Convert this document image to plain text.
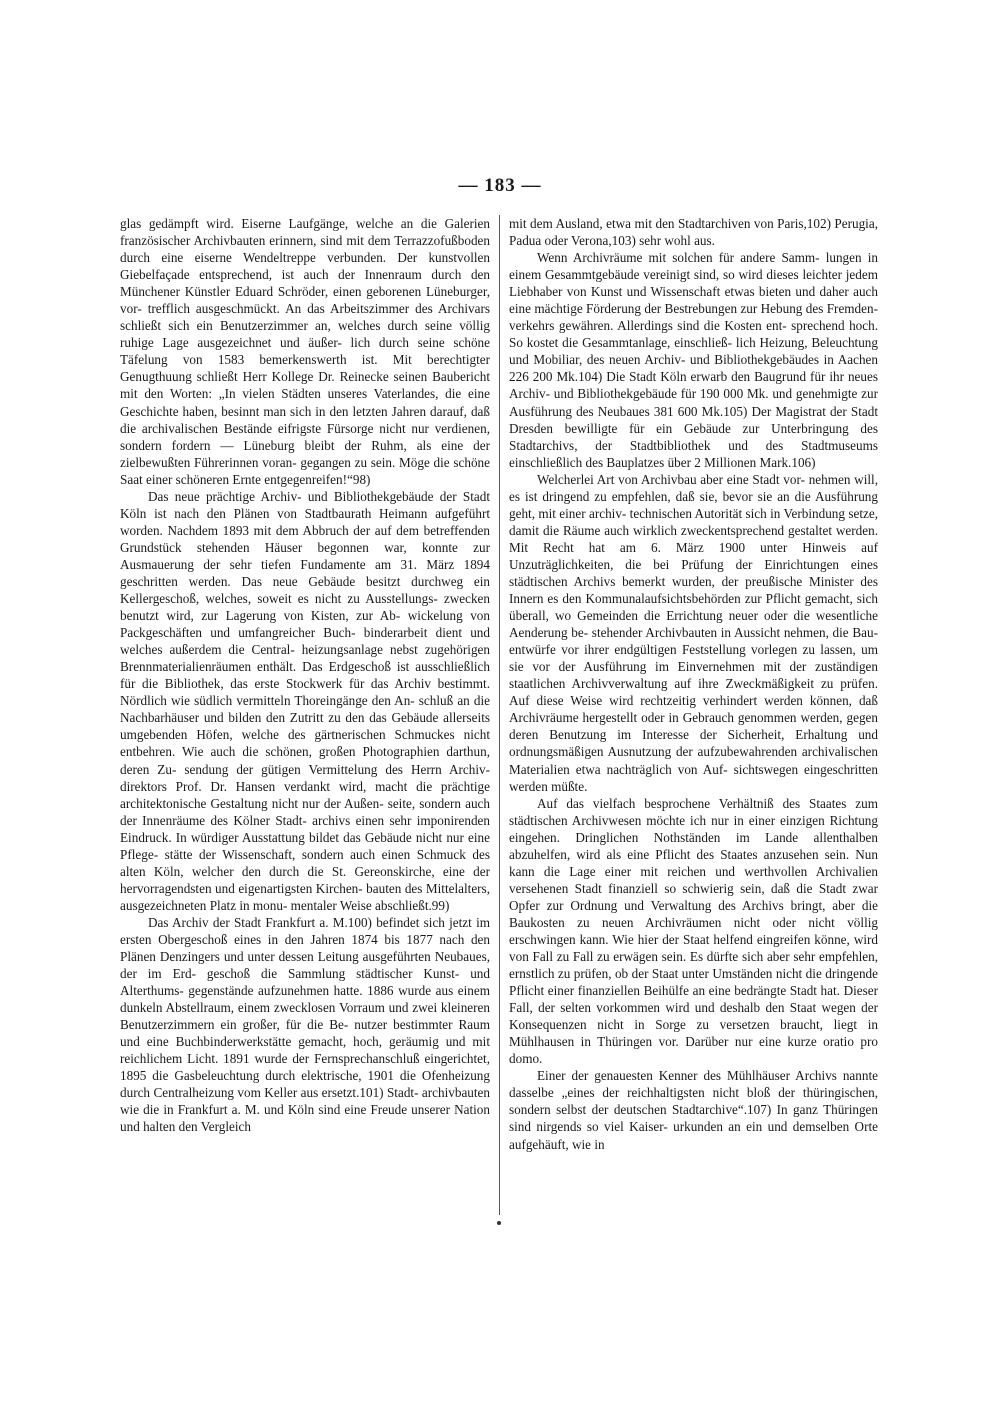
— 183 —

glas gedämpft wird. Eiserne Laufgänge, welche an die Galerien französischer Archivbauten erinnern, sind mit dem Terrazzofußboden durch eine eiserne Wendeltreppe verbunden. Der kunstvollen Giebelfaçade entsprechend, ist auch der Innenraum durch den Münchener Künstler Eduard Schröder, einen geborenen Lüneburger, vor- trefflich ausgeschmückt. An das Arbeitszimmer des Archivars schließt sich ein Benutzerzimmer an, welches durch seine völlig ruhige Lage ausgezeichnet und äußer- lich durch seine schöne Täfelung von 1583 bemerkenswerth ist. Mit berechtigter Genugthuung schließt Herr Kollege Dr. Reinecke seinen Baubericht mit den Worten: „In vielen Städten unseres Vaterlandes, die eine Geschichte haben, besinnt man sich in den letzten Jahren darauf, daß die archivalischen Bestände eifrigste Fürsorge nicht nur verdienen, sondern fordern — Lüneburg bleibt der Ruhm, als eine der zielbewußten Führerinnen voran- gegangen zu sein. Möge die schöne Saat einer schöneren Ernte entgegenreifen!“98)

Das neue prächtige Archiv- und Bibliothekgebäude der Stadt Köln ist nach den Plänen von Stadtbaurath Heimann aufgeführt worden. Nachdem 1893 mit dem Abbruch der auf dem betreffenden Grundstück stehenden Häuser begonnen war, konnte zur Ausmauerung der sehr tiefen Fundamente am 31. März 1894 geschritten werden. Das neue Gebäude besitzt durchweg ein Kellergeschoß, welches, soweit es nicht zu Ausstellungs- zwecken benutzt wird, zur Lagerung von Kisten, zur Ab- wickelung von Packgeschäften und umfangreicher Buch- binderarbeit dient und welches außerdem die Central- heizungsanlage nebst zugehörigen Brennmaterialienräumen enthält. Das Erdgeschoß ist ausschließlich für die Bibliothek, das erste Stockwerk für das Archiv bestimmt. Nördlich wie südlich vermitteln Thoreingänge den An- schluß an die Nachbarhäuser und bilden den Zutritt zu den das Gebäude allerseits umgebenden Höfen, welche des gärtnerischen Schmuckes nicht entbehren. Wie auch die schönen, großen Photographien darthun, deren Zu- sendung der gütigen Vermittelung des Herrn Archiv- direktors Prof. Dr. Hansen verdankt wird, macht die prächtige architektonische Gestaltung nicht nur der Außen- seite, sondern auch der Innenräume des Kölner Stadt- archivs einen sehr imponirenden Eindruck. In würdiger Ausstattung bildet das Gebäude nicht nur eine Pflege- stätte der Wissenschaft, sondern auch einen Schmuck des alten Köln, welcher den durch die St. Gereonskirche, eine der hervorragendsten und eigenartigsten Kirchen- bauten des Mittelalters, ausgezeichneten Platz in monu- mentaler Weise abschließt.99)

Das Archiv der Stadt Frankfurt a. M.100) befindet sich jetzt im ersten Obergeschoß eines in den Jahren 1874 bis 1877 nach den Plänen Denzingers und unter dessen Leitung ausgeführten Neubaues, der im Erd- geschoß die Sammlung städtischer Kunst- und Alterthums- gegenstände aufzunehmen hatte. 1886 wurde aus einem dunkeln Abstellraum, einem zwecklosen Vorraum und zwei kleineren Benutzerzimmern ein großer, für die Be- nutzer bestimmter Raum und eine Buchbinderwerkstätte gemacht, hoch, geräumig und mit reichlichem Licht. 1891 wurde der Fernsprechanschluß eingerichtet, 1895 die Gasbeleuchtung durch elektrische, 1901 die Ofenheizung durch Centralheizung vom Keller aus ersetzt.101) Stadt- archivbauten wie die in Frankfurt a. M. und Köln sind eine Freude unserer Nation und halten den Vergleich

mit dem Ausland, etwa mit den Stadtarchiven von Paris,102) Perugia, Padua oder Verona,103) sehr wohl aus.

Wenn Archivräume mit solchen für andere Samm- lungen in einem Gesammtgebäude vereinigt sind, so wird dieses leichter jedem Liebhaber von Kunst und Wissenschaft etwas bieten und daher auch eine mächtige Förderung der Bestrebungen zur Hebung des Fremden- verkehrs gewähren. Allerdings sind die Kosten ent- sprechend hoch. So kostet die Gesammtanlage, einschließ- lich Heizung, Beleuchtung und Mobiliar, des neuen Archiv- und Bibliothekgebäudes in Aachen 226 200 Mk.104) Die Stadt Köln erwarb den Baugrund für ihr neues Archiv- und Bibliothekgebäude für 190 000 Mk. und genehmigte zur Ausführung des Neubaues 381 600 Mk.105) Der Magistrat der Stadt Dresden bewilligte für ein Gebäude zur Unterbringung des Stadtarchivs, der Stadtbibliothek und des Stadtmuseums einschließlich des Bauplatzes über 2 Millionen Mark.106)

Welcherlei Art von Archivbau aber eine Stadt vor- nehmen will, es ist dringend zu empfehlen, daß sie, bevor sie an die Ausführung geht, mit einer archiv- technischen Autorität sich in Verbindung setze, damit die Räume auch wirklich zweckentsprechend gestaltet werden. Mit Recht hat am 6. März 1900 unter Hinweis auf Unzuträglichkeiten, die bei Prüfung der Einrichtungen eines städtischen Archivs bemerkt wurden, der preußische Minister des Innern es den Kommunalaufsichtsbehörden zur Pflicht gemacht, sich überall, wo Gemeinden die Errichtung neuer oder die wesentliche Aenderung be- stehender Archivbauten in Aussicht nehmen, die Bau- entwürfe vor ihrer endgültigen Feststellung vorlegen zu lassen, um sie vor der Ausführung im Einvernehmen mit der zuständigen staatlichen Archivverwaltung auf ihre Zweckmäßigkeit zu prüfen. Auf diese Weise wird rechtzeitig verhindert werden können, daß Archivräume hergestellt oder in Gebrauch genommen werden, gegen deren Benutzung im Interesse der Sicherheit, Erhaltung und ordnungsmäßigen Ausnutzung der aufzubewahrenden archivalischen Materialien etwa nachträglich von Auf- sichtswegen eingeschritten werden müßte.

Auf das vielfach besprochene Verhältniß des Staates zum städtischen Archivwesen möchte ich nur in einer einzigen Richtung eingehen. Dringlichen Nothständen im Lande allenthalben abzuhelfen, wird als eine Pflicht des Staates anzusehen sein. Nun kann die Lage einer mit reichen und werthvollen Archivalien versehenen Stadt finanziell so schwierig sein, daß die Stadt zwar Opfer zur Ordnung und Verwaltung des Archivs bringt, aber die Baukosten zu neuen Archivräumen nicht oder nicht völlig erschwingen kann. Wie hier der Staat helfend eingreifen könne, wird von Fall zu Fall zu erwägen sein. Es dürfte sich aber sehr empfehlen, ernstlich zu prüfen, ob der Staat unter Umständen nicht die dringende Pflicht einer finanziellen Beihülfe an eine bedrängte Stadt hat. Dieser Fall, der selten vorkommen wird und deshalb den Staat wegen der Konsequenzen nicht in Sorge zu versetzen braucht, liegt in Mühlhausen in Thüringen vor. Darüber nur eine kurze oratio pro domo.

Einer der genauesten Kenner des Mühlhäuser Archivs nannte dasselbe „eines der reichhaltigsten nicht bloß der thüringischen, sondern selbst der deutschen Stadtarchive“.107) In ganz Thüringen sind nirgends so viel Kaiser- urkunden an ein und demselben Orte aufgehäuft, wie in
